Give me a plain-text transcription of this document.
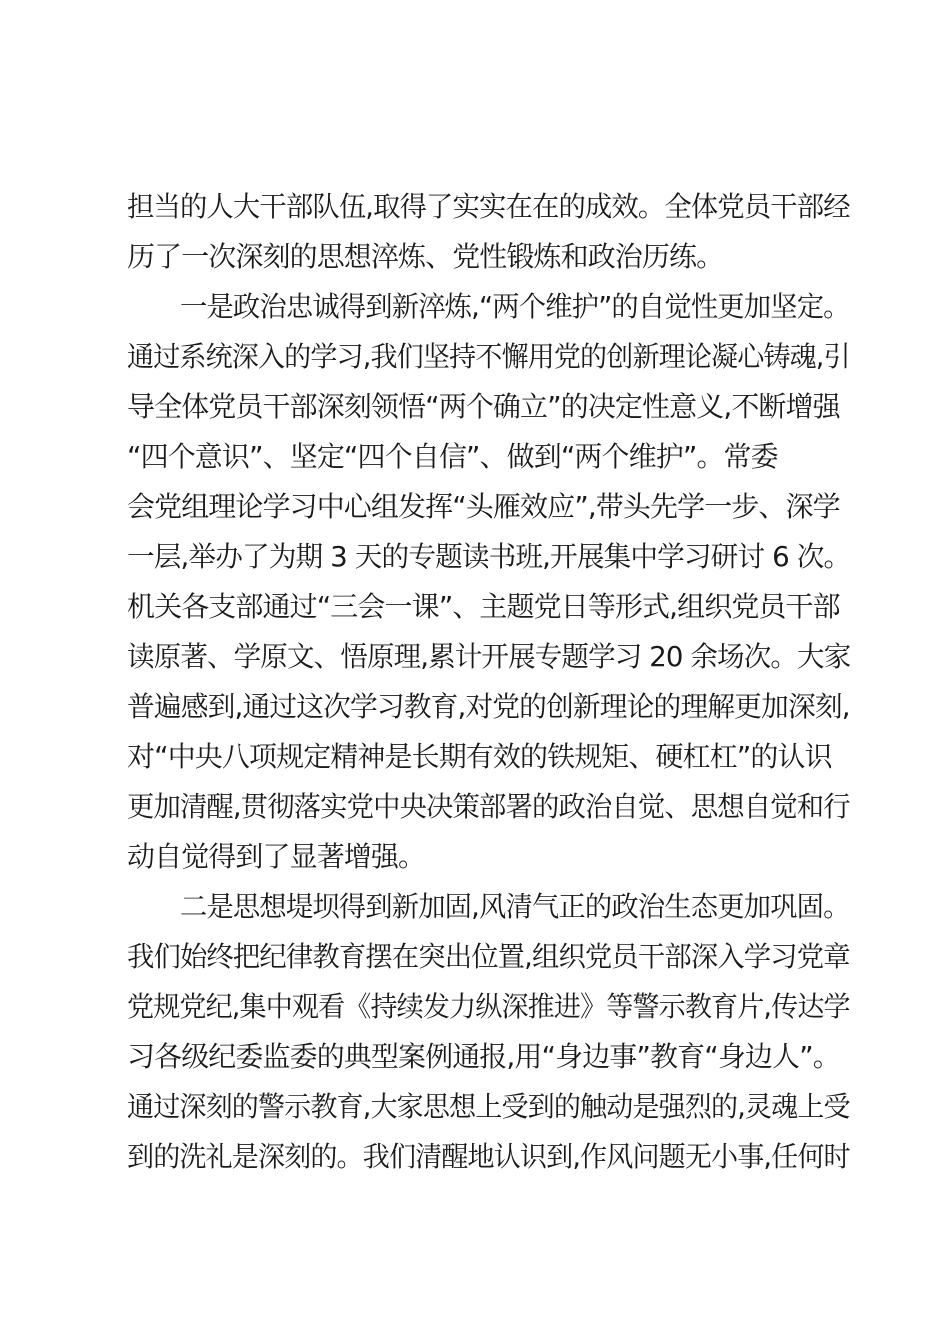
担当的人大干部队伍,取得了实实在在的成效。全体党员干部经
历了一次深刻的思想淬炼、党性锻炼和政治历练。
一是政治忠诚得到新淬炼,“两个维护”的自觉性更加坚定。
通过系统深入的学习,我们坚持不懈用党的创新理论凝心铸魂,引
导全体党员干部深刻领悟“两个确立”的决定性意义,不断增强
“四个意识”、坚定“四个自信”、做到“两个维护”。常委
会党组理论学习中心组发挥“头雁效应”,带头先学一步、深学
一层,举办了为期 3 天的专题读书班,开展集中学习研讨 6 次。
机关各支部通过“三会一课”、主题党日等形式,组织党员干部
读原著、学原文、悟原理,累计开展专题学习 20 余场次。大家
普遍感到,通过这次学习教育,对党的创新理论的理解更加深刻,
对“中央八项规定精神是长期有效的铁规矩、硬杠杠”的认识
更加清醒,贯彻落实党中央决策部署的政治自觉、思想自觉和行
动自觉得到了显著增强。
二是思想堤坝得到新加固,风清气正的政治生态更加巩固。
我们始终把纪律教育摆在突出位置,组织党员干部深入学习党章
党规党纪,集中观看《持续发力纵深推进》等警示教育片,传达学
习各级纪委监委的典型案例通报,用“身边事”教育“身边人”。
通过深刻的警示教育,大家思想上受到的触动是强烈的,灵魂上受
到的洗礼是深刻的。我们清醒地认识到,作风问题无小事,任何时
